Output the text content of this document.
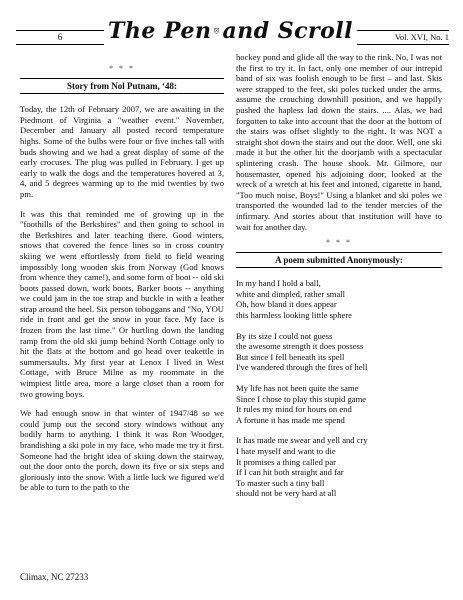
6	The Pen and Scroll	Vol. XVI, No. 1
* * *
Story from Nol Putnam, ‘48:

Today, the 12th of February 2007, we are awaiting in the Piedmont of Virginia a "weather event." November, December and January all posted record temperature highs. Some of the bulbs were four or five inches tall with buds showing and we had a great display of some of the early crocuses. The plug was pulled in February. I get up early to walk the dogs and the temperatures hovered at 3, 4, and 5 degrees warming up to the mid twenties by two pm.

It was this that reminded me of growing up in the "foothills of the Berkshires" and then going to school in the Berkshires and later teaching there. Good winters, snows that covered the fence lines so in cross country skiing we went effortlessly from field to field wearing impossibly long wooden skis from Norway (God knows from whence they came!), and some form of boot -- old ski boots passed down, work boots, Barker boots -- anything we could jam in the toe strap and buckle in with a leather strap around the heel. Six person toboggans and "No, YOU ride in front and get the snow in your face. My face is frozen from the last time." Or hurtling down the landing ramp from the old ski jump behind North Cottage only to hit the flats at the bottom and go head over teakettle in summersaults. My first year at Lenox I lived in West Cottage, with Bruce Milne as my roommate in the wimpiest little area, more a large closet than a room for two growing boys.

We had enough snow in that winter of 1947/48 so we could jump out the second story windows without any bodily harm to anything. I think it was Ron Woodger, brandishing a ski pole in my face, who made me try it first. Someone had the bright idea of skiing down the stairway, out the door onto the porch, down its five or six steps and gloriously into the snow. With a little luck we figured we'd be able to turn to the path to the

hockey pond and glide all the way to the rink. No, I was not the first to try it. In fact, only one member of our intrepid band of six was foolish enough to be first – and last. Skis were strapped to the feet, ski poles tucked under the arms, assume the crouching downhill position, and we happily pushed the hapless lad down the stairs. .... Alas, we had forgotten to take into account that the door at the bottom of the stairs was offset slightly to the right. It was NOT a straight shot down the stairs and out the door. Well, one ski made it but the other hit the doorjamb with a spectacular splintering crash. The house shook. Mr. Gilmore, our housemaster, opened his adjoining door, looked at the wreck of a wretch at his feet and intoned, cigarette in hand, "Too much noise, Boys!" Using a blanket and ski poles we transported the wounded lad to the tender mercies of the infirmary. And stories about that institution will have to wait for another day.

* * *
A poem submitted Anonymously:
In my hand I hold a ball,
white and dimpled, rather small
Oh, how bland it does appear
this harmless looking little sphere
By its size I could not guess
the awesome strength it does possess
But since I fell beneath its spell
I've wandered through the fires of hell
My life has not been quite the same
Since I chose to play this stupid game
It rules my mind for hours on end
A fortune it has made me spend
It has made me swear and yell and cry
I hate myself and want to die
It promises a thing called par
If I can hit both straight and far
To master such a tiny ball
should not be very hard at all
Climax, NC 27233
